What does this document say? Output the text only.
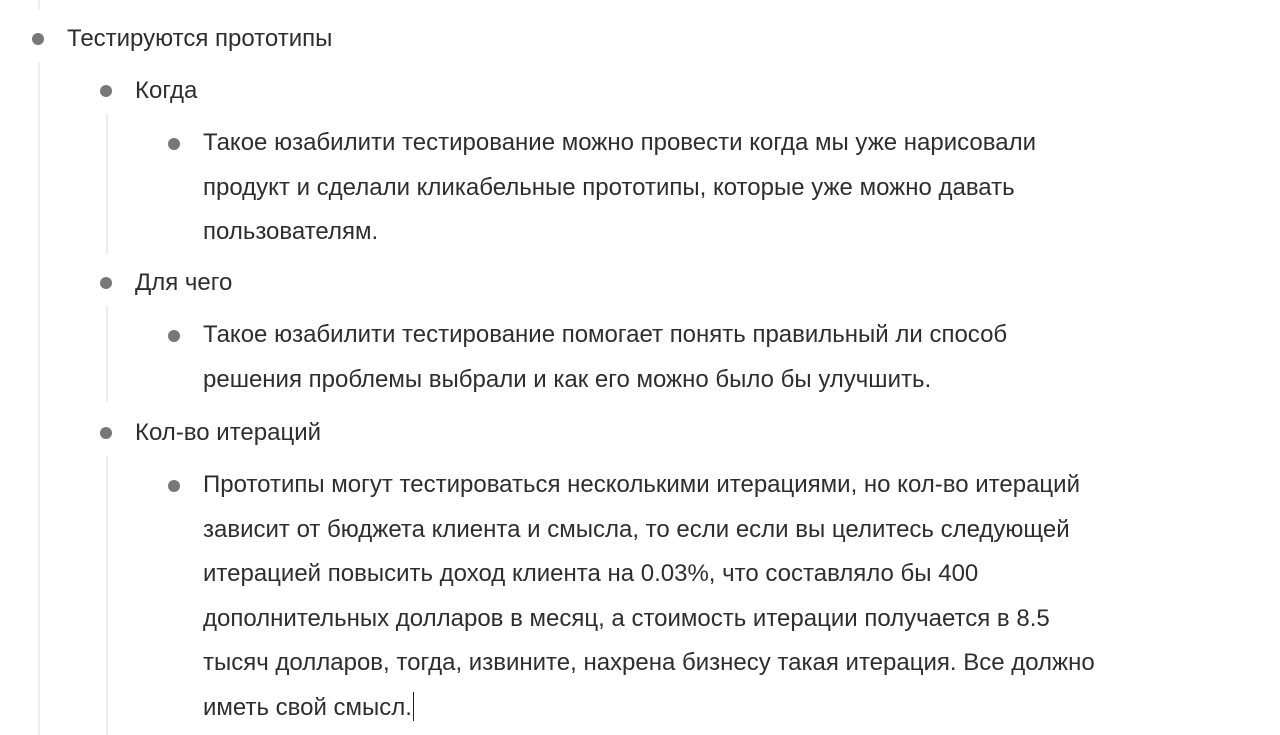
Тестируются прототипы

Когда

Такое юзабилити тестирование можно провести когда мы уже нарисовали

продукт и сделали кликабельные прототипы, которые уже можно давать

пользователям.

Для чего

Такое юзабилити тестирование помогает понять правильный ли способ

решения проблемы выбрали и как его можно было бы улучшить.

Кол-во итераций

Прототипы могут тестироваться несколькими итерациями, но кол-во итераций

зависит от бюджета клиента и смысла, то если если вы целитесь следующей

итерацией повысить доход клиента на 0.03%, что составляло бы 400

дополнительных долларов в месяц, а стоимость итерации получается в 8.5

тысяч долларов, тогда, извините, нахрена бизнесу такая итерация. Все должно

иметь свой смысл.
